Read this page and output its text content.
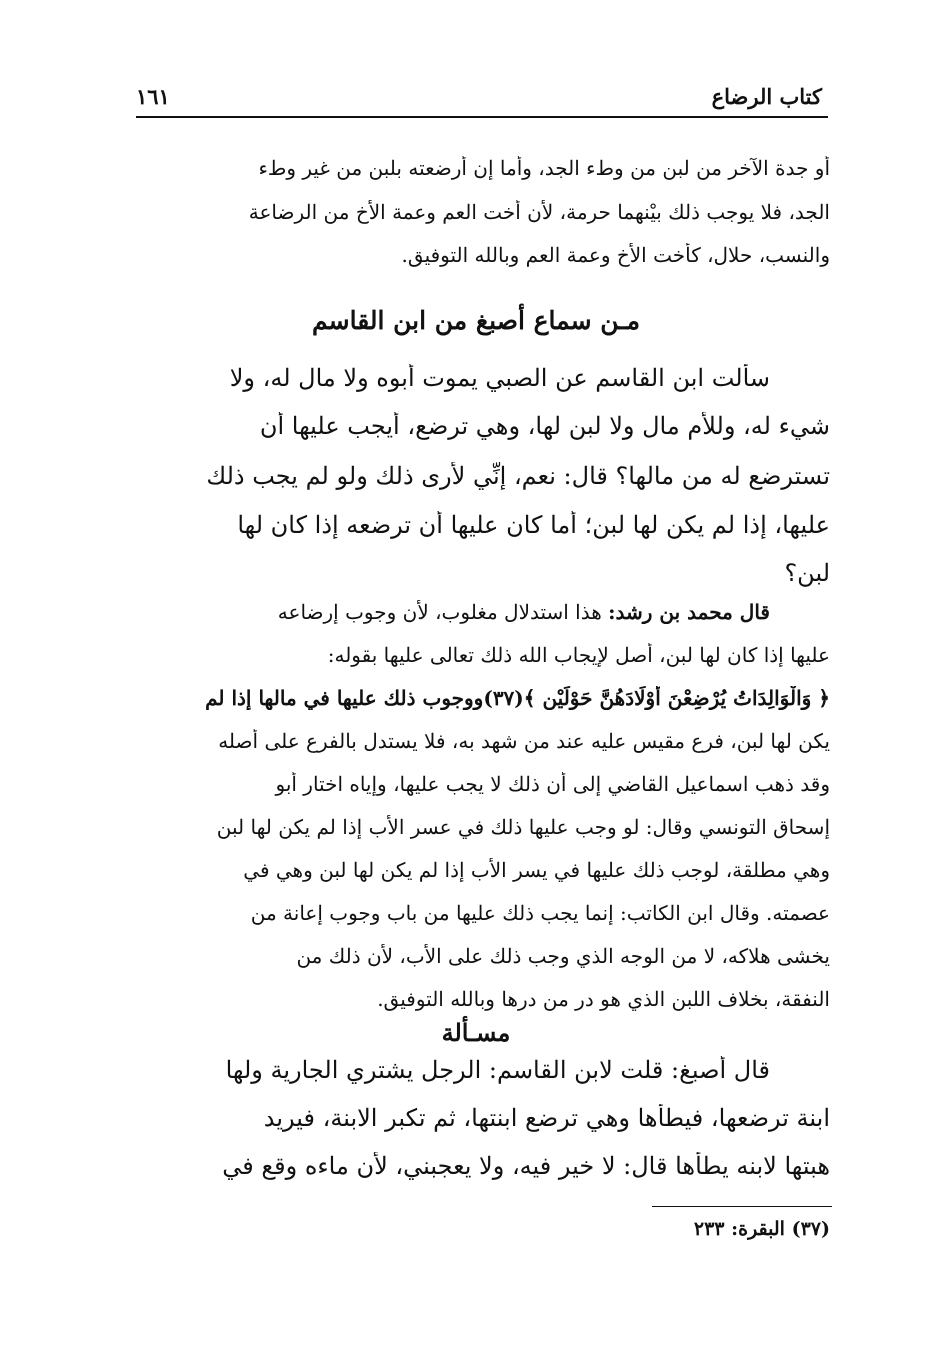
كتاب الرضاع
١٦١
أو جدة الآخر من لبن من وطء الجد، وأما إن أرضعته بلبن من غير وطء
الجد، فلا يوجب ذلك بيْنهما حرمة، لأن أخت العم وعمة الأخ من الرضاعة
والنسب، حلال، كأخت الأخ وعمة العم وبالله التوفيق.
مـن سماع أصبغ من ابن القاسم
سألت ابن القاسم عن الصبي يموت أبوه ولا مال له، ولا
شيء له، وللأم مال ولا لبن لها، وهي ترضع، أيجب عليها أن
تسترضع له من مالها؟ قال: نعم، إنِّي لأرى ذلك ولو لم يجب ذلك
عليها، إذا لم يكن لها لبن؛ أما كان عليها أن ترضعه إذا كان لها
لبن؟
قال محمد بن رشد: هذا استدلال مغلوب، لأن وجوب إرضاعه
عليها إذا كان لها لبن، أصل لإيجاب الله ذلك تعالى عليها بقوله:
﴿ وَالْوَالِدَاتُ يُرْضِعْنَ أَوْلَادَهُنَّ حَوْلَيْنِ ﴾(٣٧)ووجوب ذلك عليها في مالها إذا لم
يكن لها لبن، فرع مقيس عليه عند من شهد به، فلا يستدل بالفرع على أصله
وقد ذهب اسماعيل القاضي إلى أن ذلك لا يجب عليها، وإياه اختار أبو
إسحاق التونسي وقال: لو وجب عليها ذلك في عسر الأب إذا لم يكن لها لبن
وهي مطلقة، لوجب ذلك عليها في يسر الأب إذا لم يكن لها لبن وهي في
عصمته. وقال ابن الكاتب: إنما يجب ذلك عليها من باب وجوب إعانة من
يخشى هلاكه، لا من الوجه الذي وجب ذلك على الأب، لأن ذلك من
النفقة، بخلاف اللبن الذي هو در من درها وبالله التوفيق.
مسـألة
قال أصبغ: قلت لابن القاسم: الرجل يشتري الجارية ولها
ابنة ترضعها، فيطأها وهي ترضع ابنتها، ثم تكبر الابنة، فيريد
هبتها لابنه يطأها قال: لا خير فيه، ولا يعجبني، لأن ماءه وقع في
(٣٧) البقرة: ٢٣٣
